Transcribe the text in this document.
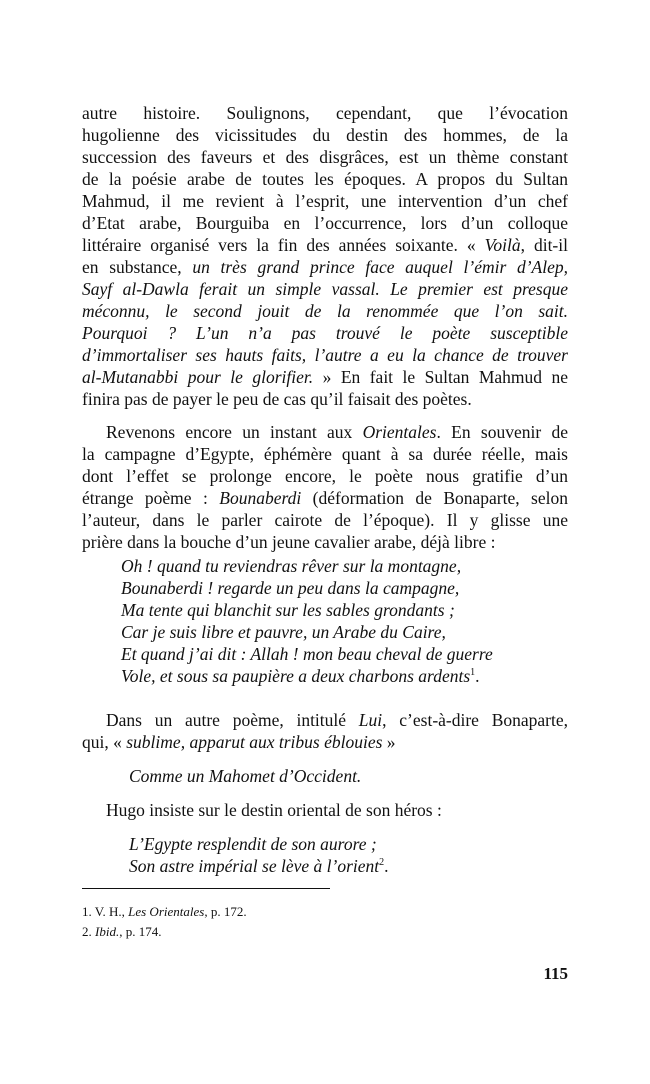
autre histoire. Soulignons, cependant, que l’évocation
hugolienne des vicissitudes du destin des hommes, de la
succession des faveurs et des disgrâces, est un thème constant
de la poésie arabe de toutes les époques. A propos du Sultan
Mahmud, il me revient à l’esprit, une intervention d’un chef
d’Etat arabe, Bourguiba en l’occurrence, lors d’un colloque
littéraire organisé vers la fin des années soixante. « Voilà, dit-il
en substance, un très grand prince face auquel l’émir d’Alep,
Sayf al-Dawla ferait un simple vassal. Le premier est presque
méconnu, le second jouit de la renommée que l’on sait.
Pourquoi ? L’un n’a pas trouvé le poète susceptible
d’immortaliser ses hauts faits, l’autre a eu la chance de trouver
al-Mutanabbi pour le glorifier. » En fait le Sultan Mahmud ne
finira pas de payer le peu de cas qu’il faisait des poètes.
Revenons encore un instant aux Orientales. En souvenir de
la campagne d’Egypte, éphémère quant à sa durée réelle, mais
dont l’effet se prolonge encore, le poète nous gratifie d’un
étrange poème : Bounaberdi (déformation de Bonaparte, selon
l’auteur, dans le parler cairote de l’époque). Il y glisse une
prière dans la bouche d’un jeune cavalier arabe, déjà libre :
Oh ! quand tu reviendras rêver sur la montagne,
Bounaberdi ! regarde un peu dans la campagne,
Ma tente qui blanchit sur les sables grondants ;
Car je suis libre et pauvre, un Arabe du Caire,
Et quand j’ai dit : Allah ! mon beau cheval de guerre
Vole, et sous sa paupière a deux charbons ardents$^1$.
Dans un autre poème, intitulé Lui, c’est-à-dire Bonaparte,
qui, « sublime, apparut aux tribus éblouies »
Comme un Mahomet d’Occident.
Hugo insiste sur le destin oriental de son héros :
L’Egypte resplendit de son aurore ;
Son astre impérial se lève à l’orient$^2$.
1. V. H., Les Orientales, p. 172.
2. Ibid., p. 174.
115
